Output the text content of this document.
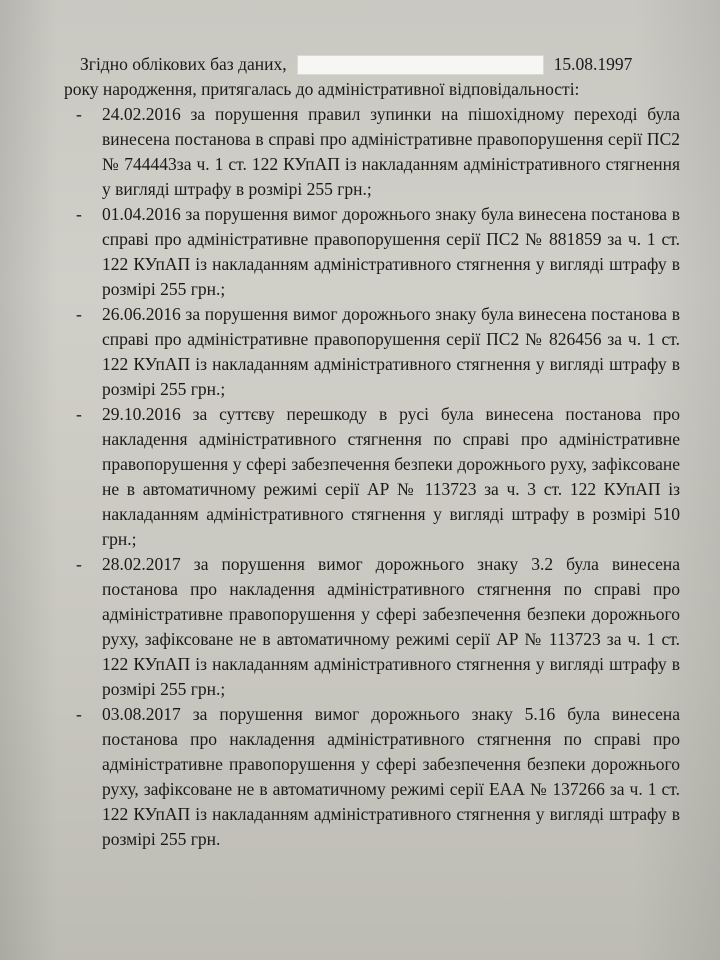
Згідно облікових баз даних,	15.08.1997
року народження, притягалась до адміністративної відповідальності:
- 24.02.2016 за порушення правил зупинки на пішохідному переході була винесена постанова в справі про адміністративне правопорушення серії ПС2 № 744443за ч. 1 ст. 122 КУпАП із накладанням адміністративного стягнення у вигляді штрафу в розмірі 255 грн.;
- 01.04.2016 за порушення вимог дорожнього знаку була винесена постанова в справі про адміністративне правопорушення серії ПС2 № 881859 за ч. 1 ст. 122 КУпАП із накладанням адміністративного стягнення у вигляді штрафу в розмірі 255 грн.;
- 26.06.2016 за порушення вимог дорожнього знаку була винесена постанова в справі про адміністративне правопорушення серії ПС2 № 826456 за ч. 1 ст. 122 КУпАП із накладанням адміністративного стягнення у вигляді штрафу в розмірі 255 грн.;
- 29.10.2016 за суттєву перешкоду в русі була винесена постанова про накладення адміністративного стягнення по справі про адміністративне правопорушення у сфері забезпечення безпеки дорожнього руху, зафіксоване не в автоматичному режимі серії АР № 113723 за ч. 3 ст. 122 КУпАП із накладанням адміністративного стягнення у вигляді штрафу в розмірі 510 грн.;
- 28.02.2017 за порушення вимог дорожнього знаку 3.2 була винесена постанова про накладення адміністративного стягнення по справі про адміністративне правопорушення у сфері забезпечення безпеки дорожнього руху, зафіксоване не в автоматичному режимі серії АР № 113723 за ч. 1 ст. 122 КУпАП із накладанням адміністративного стягнення у вигляді штрафу в розмірі 255 грн.;
- 03.08.2017 за порушення вимог дорожнього знаку 5.16 була винесена постанова про накладення адміністративного стягнення по справі про адміністративне правопорушення у сфері забезпечення безпеки дорожнього руху, зафіксоване не в автоматичному режимі серії ЕАА № 137266 за ч. 1 ст. 122 КУпАП із накладанням адміністративного стягнення у вигляді штрафу в розмірі 255 грн.
